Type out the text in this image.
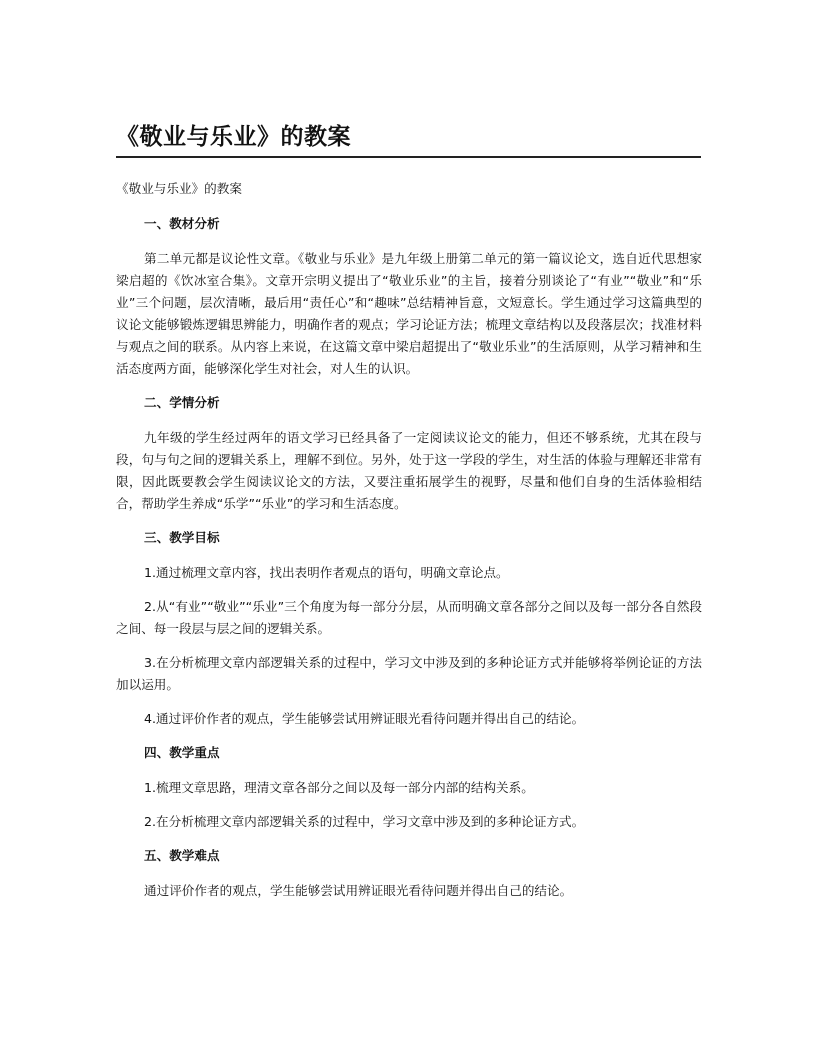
《敬业与乐业》的教案

《敬业与乐业》的教案

一、教材分析

第二单元都是议论性文章。《敬业与乐业》是九年级上册第二单元的第一篇议论文，选自近代思想家梁启超的《饮冰室合集》。文章开宗明义提出了“敬业乐业”的主旨，接着分别谈论了“有业”“敬业”和“乐业”三个问题，层次清晰，最后用“责任心”和“趣味”总结精神旨意，文短意长。学生通过学习这篇典型的议论文能够锻炼逻辑思辨能力，明确作者的观点；学习论证方法；梳理文章结构以及段落层次；找准材料与观点之间的联系。从内容上来说，在这篇文章中梁启超提出了“敬业乐业”的生活原则，从学习精神和生活态度两方面，能够深化学生对社会，对人生的认识。

二、学情分析

九年级的学生经过两年的语文学习已经具备了一定阅读议论文的能力，但还不够系统，尤其在段与段，句与句之间的逻辑关系上，理解不到位。另外，处于这一学段的学生，对生活的体验与理解还非常有限，因此既要教会学生阅读议论文的方法，又要注重拓展学生的视野，尽量和他们自身的生活体验相结合，帮助学生养成“乐学”“乐业”的学习和生活态度。

三、教学目标

1.通过梳理文章内容，找出表明作者观点的语句，明确文章论点。

2.从“有业”“敬业”“乐业”三个角度为每一部分分层，从而明确文章各部分之间以及每一部分各自然段之间、每一段层与层之间的逻辑关系。

3.在分析梳理文章内部逻辑关系的过程中，学习文中涉及到的多种论证方式并能够将举例论证的方法加以运用。

4.通过评价作者的观点，学生能够尝试用辨证眼光看待问题并得出自己的结论。

四、教学重点

1.梳理文章思路，理清文章各部分之间以及每一部分内部的结构关系。

2.在分析梳理文章内部逻辑关系的过程中，学习文章中涉及到的多种论证方式。

五、教学难点

通过评价作者的观点，学生能够尝试用辨证眼光看待问题并得出自己的结论。
